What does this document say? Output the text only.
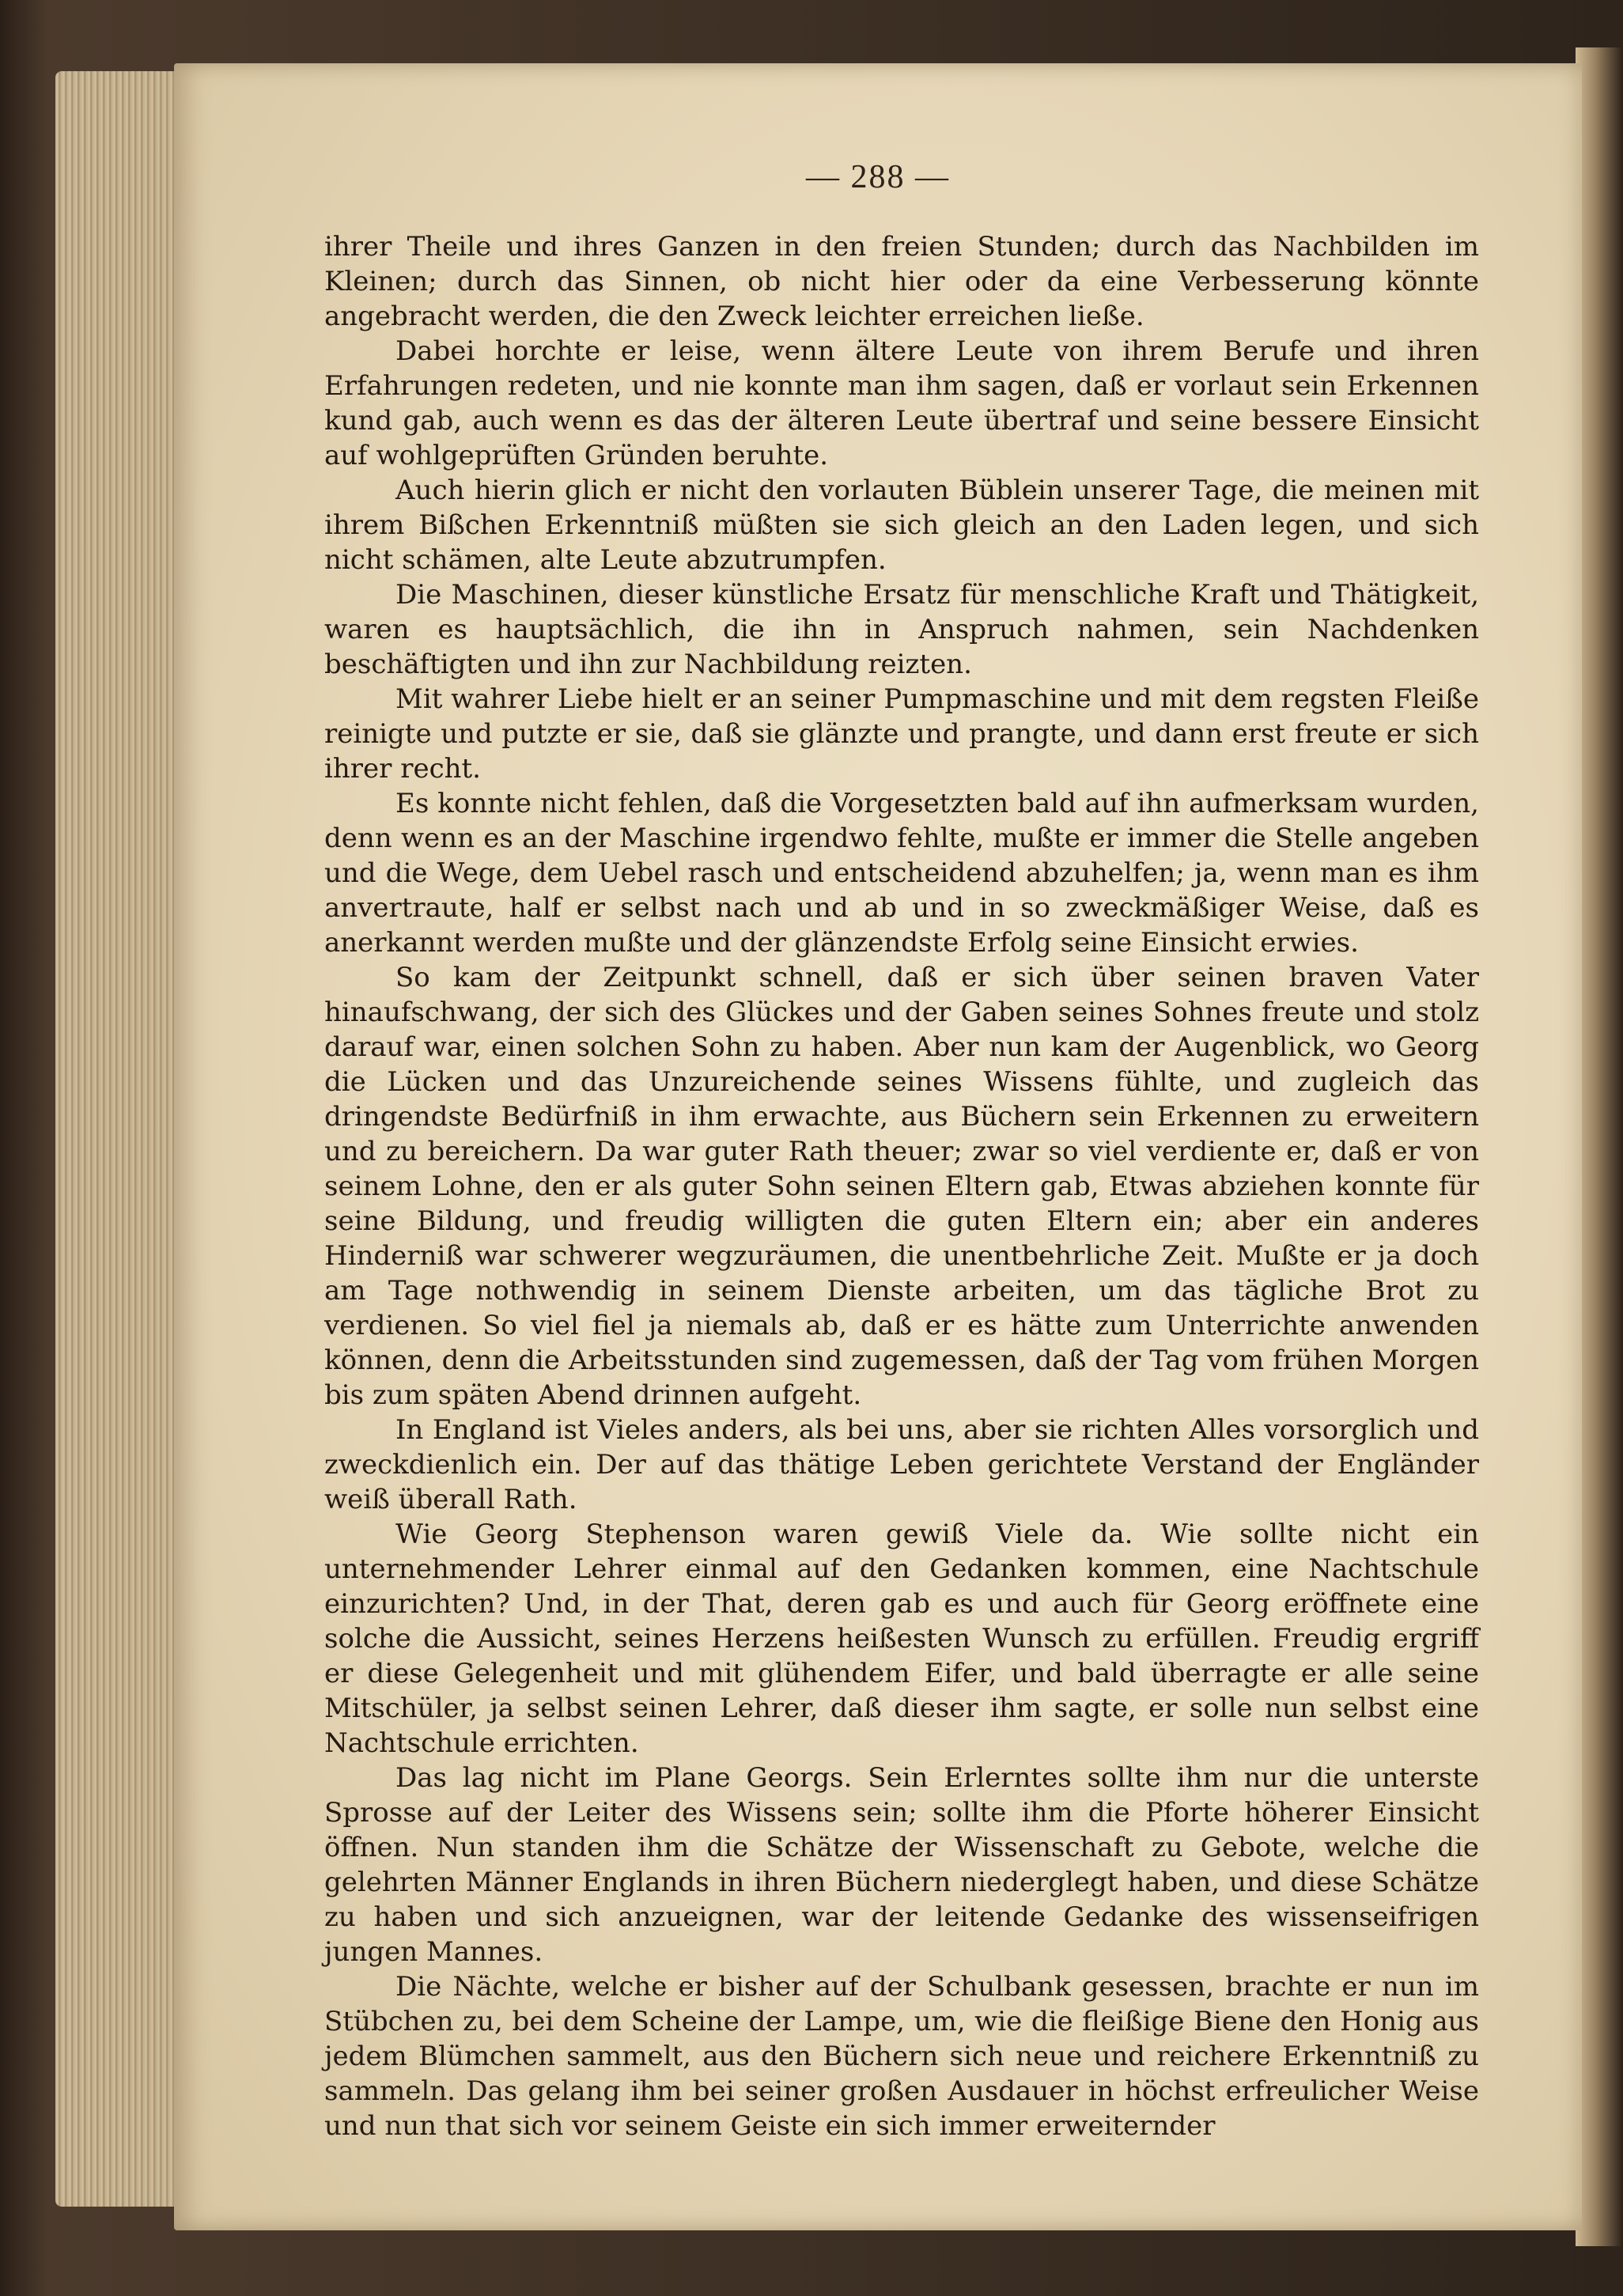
— 288 —

ihrer Theile und ihres Ganzen in den freien Stunden; durch das Nachbilden im Kleinen; durch das Sinnen, ob nicht hier oder da eine Verbesserung könnte angebracht werden, die den Zweck leichter erreichen ließe.

Dabei horchte er leise, wenn ältere Leute von ihrem Berufe und ihren Erfahrungen redeten, und nie konnte man ihm sagen, daß er vorlaut sein Erkennen kund gab, auch wenn es das der älteren Leute übertraf und seine bessere Einsicht auf wohlgeprüften Gründen beruhte.

Auch hierin glich er nicht den vorlauten Büblein unserer Tage, die meinen mit ihrem Bißchen Erkenntniß müßten sie sich gleich an den Laden legen, und sich nicht schämen, alte Leute abzutrumpfen.

Die Maschinen, dieser künstliche Ersatz für menschliche Kraft und Thätigkeit, waren es hauptsächlich, die ihn in Anspruch nahmen, sein Nachdenken beschäftigten und ihn zur Nachbildung reizten.

Mit wahrer Liebe hielt er an seiner Pumpmaschine und mit dem regsten Fleiße reinigte und putzte er sie, daß sie glänzte und prangte, und dann erst freute er sich ihrer recht.

Es konnte nicht fehlen, daß die Vorgesetzten bald auf ihn aufmerksam wurden, denn wenn es an der Maschine irgendwo fehlte, mußte er immer die Stelle angeben und die Wege, dem Uebel rasch und entscheidend abzuhelfen; ja, wenn man es ihm anvertraute, half er selbst nach und ab und in so zweckmäßiger Weise, daß es anerkannt werden mußte und der glänzendste Erfolg seine Einsicht erwies.

So kam der Zeitpunkt schnell, daß er sich über seinen braven Vater hinaufschwang, der sich des Glückes und der Gaben seines Sohnes freute und stolz darauf war, einen solchen Sohn zu haben. Aber nun kam der Augenblick, wo Georg die Lücken und das Unzureichende seines Wissens fühlte, und zugleich das dringendste Bedürfniß in ihm erwachte, aus Büchern sein Erkennen zu erweitern und zu bereichern. Da war guter Rath theuer; zwar so viel verdiente er, daß er von seinem Lohne, den er als guter Sohn seinen Eltern gab, Etwas abziehen konnte für seine Bildung, und freudig willigten die guten Eltern ein; aber ein anderes Hinderniß war schwerer wegzuräumen, die unentbehrliche Zeit. Mußte er ja doch am Tage nothwendig in seinem Dienste arbeiten, um das tägliche Brot zu verdienen. So viel fiel ja niemals ab, daß er es hätte zum Unterrichte anwenden können, denn die Arbeitsstunden sind zugemessen, daß der Tag vom frühen Morgen bis zum späten Abend drinnen aufgeht.

In England ist Vieles anders, als bei uns, aber sie richten Alles vorsorglich und zweckdienlich ein. Der auf das thätige Leben gerichtete Verstand der Engländer weiß überall Rath.

Wie Georg Stephenson waren gewiß Viele da. Wie sollte nicht ein unternehmender Lehrer einmal auf den Gedanken kommen, eine Nachtschule einzurichten? Und, in der That, deren gab es und auch für Georg eröffnete eine solche die Aussicht, seines Herzens heißesten Wunsch zu erfüllen. Freudig ergriff er diese Gelegenheit und mit glühendem Eifer, und bald überragte er alle seine Mitschüler, ja selbst seinen Lehrer, daß dieser ihm sagte, er solle nun selbst eine Nachtschule errichten.

Das lag nicht im Plane Georgs. Sein Erlerntes sollte ihm nur die unterste Sprosse auf der Leiter des Wissens sein; sollte ihm die Pforte höherer Einsicht öffnen. Nun standen ihm die Schätze der Wissenschaft zu Gebote, welche die gelehrten Männer Englands in ihren Büchern niederglegt haben, und diese Schätze zu haben und sich anzueignen, war der leitende Gedanke des wissenseifrigen jungen Mannes.

Die Nächte, welche er bisher auf der Schulbank gesessen, brachte er nun im Stübchen zu, bei dem Scheine der Lampe, um, wie die fleißige Biene den Honig aus jedem Blümchen sammelt, aus den Büchern sich neue und reichere Erkenntniß zu sammeln. Das gelang ihm bei seiner großen Ausdauer in höchst erfreulicher Weise und nun that sich vor seinem Geiste ein sich immer erweiternder
